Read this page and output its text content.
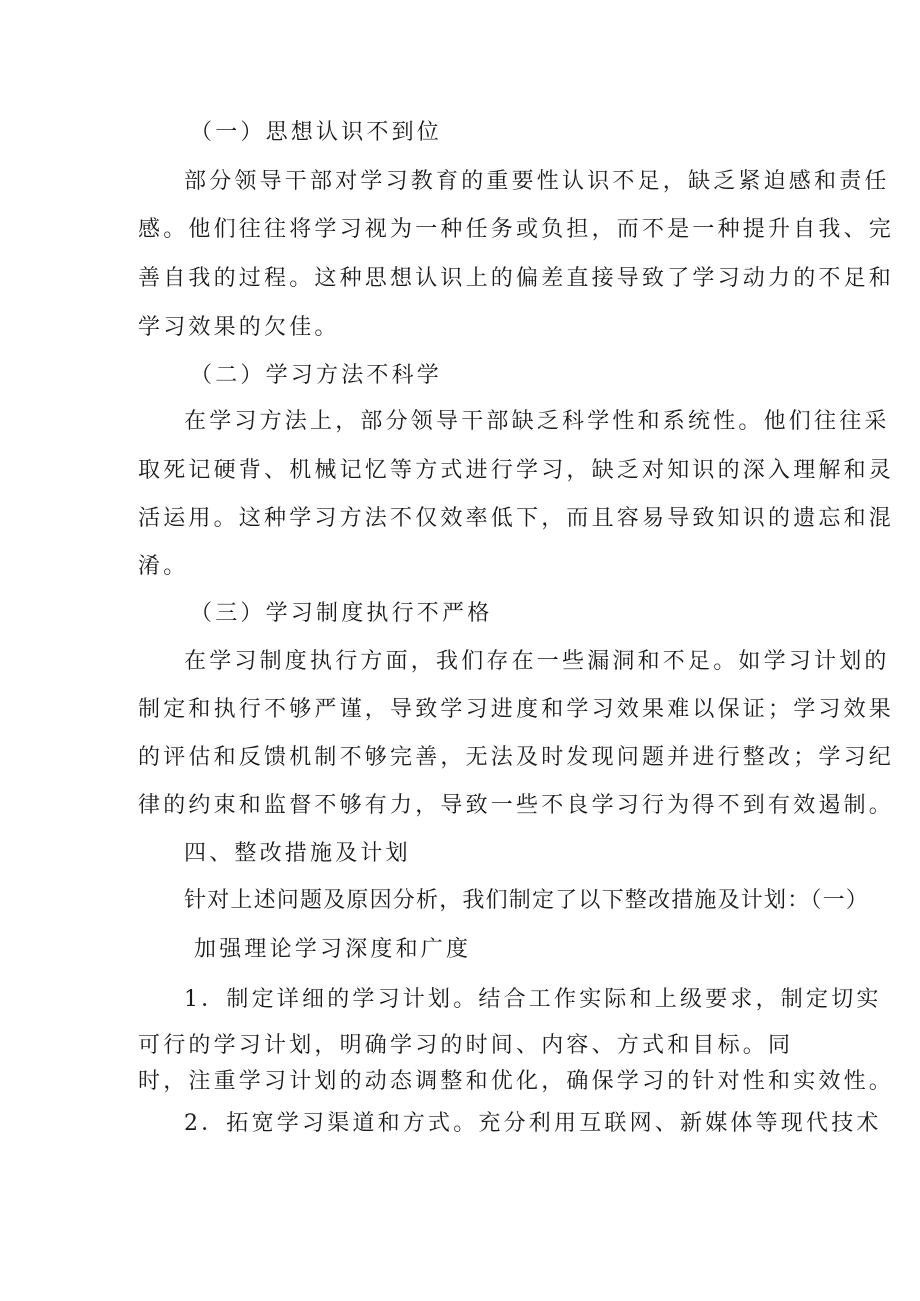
（一）思想认识不到位

部分领导干部对学习教育的重要性认识不足，缺乏紧迫感和责任

感。他们往往将学习视为一种任务或负担，而不是一种提升自我、完

善自我的过程。这种思想认识上的偏差直接导致了学习动力的不足和

学习效果的欠佳。

（二）学习方法不科学

在学习方法上，部分领导干部缺乏科学性和系统性。他们往往采

取死记硬背、机械记忆等方式进行学习，缺乏对知识的深入理解和灵

活运用。这种学习方法不仅效率低下，而且容易导致知识的遗忘和混

淆。

（三）学习制度执行不严格

在学习制度执行方面，我们存在一些漏洞和不足。如学习计划的

制定和执行不够严谨，导致学习进度和学习效果难以保证；学习效果

的评估和反馈机制不够完善，无法及时发现问题并进行整改；学习纪

律的约束和监督不够有力，导致一些不良学习行为得不到有效遏制。

四、整改措施及计划

针对上述问题及原因分析，我们制定了以下整改措施及计划：（一）

加强理论学习深度和广度

1．制定详细的学习计划。结合工作实际和上级要求，制定切实

可行的学习计划，明确学习的时间、内容、方式和目标。同

时，注重学习计划的动态调整和优化，确保学习的针对性和实效性。

2．拓宽学习渠道和方式。充分利用互联网、新媒体等现代技术
